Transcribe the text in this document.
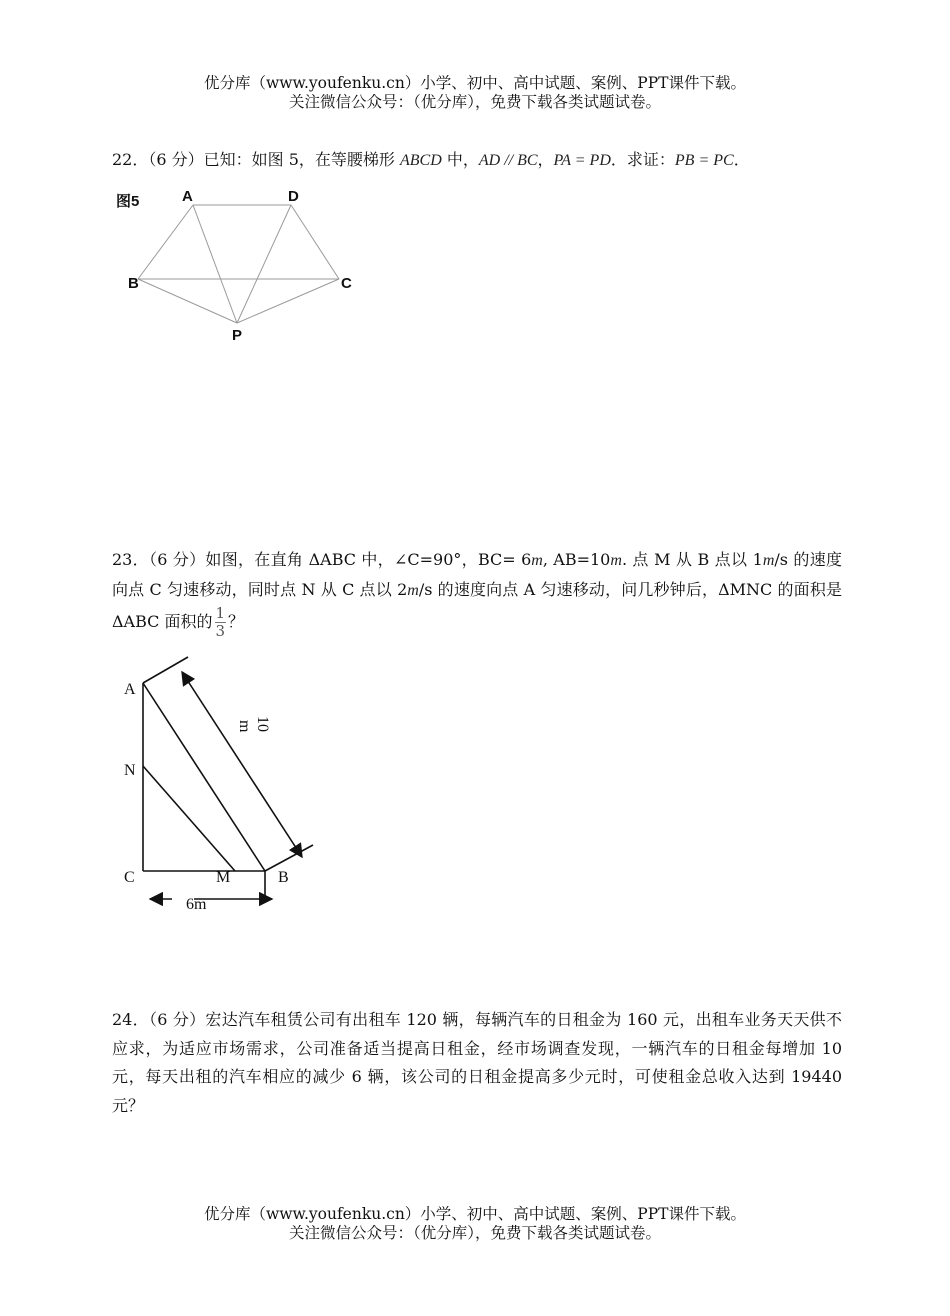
优分库（www.youfenku.cn）小学、初中、高中试题、案例、PPT课件下载。
关注微信公众号：（优分库），免费下载各类试题试卷。
22．（6 分）已知：如图 5，在等腰梯形 ABCD 中，AD // BC，PA = PD．求证：PB = PC．
图5	A	D
B	C
P
23．（6 分）如图，在直角 ΔABC 中，∠C=90°，BC= 6m, AB=10m. 点 M 从 B 点以 1m/s 的速度向点 C 匀速移动，同时点 N 从 C 点以 2m/s 的速度向点 A 匀速移动，问几秒钟后，ΔMNC 的面积是 ΔABC 面积的 $\frac{1}{3}$ ？
A
N
C	M	B
6m
10
m
24．（6 分）宏达汽车租赁公司有出租车 120 辆，每辆汽车的日租金为 160 元，出租车业务天天供不应求，为适应市场需求，公司准备适当提高日租金，经市场调查发现，一辆汽车的日租金每增加 10 元，每天出租的汽车相应的减少 6 辆，该公司的日租金提高多少元时，可使租金总收入达到 19440 元？
优分库（www.youfenku.cn）小学、初中、高中试题、案例、PPT课件下载。
关注微信公众号：（优分库），免费下载各类试题试卷。
